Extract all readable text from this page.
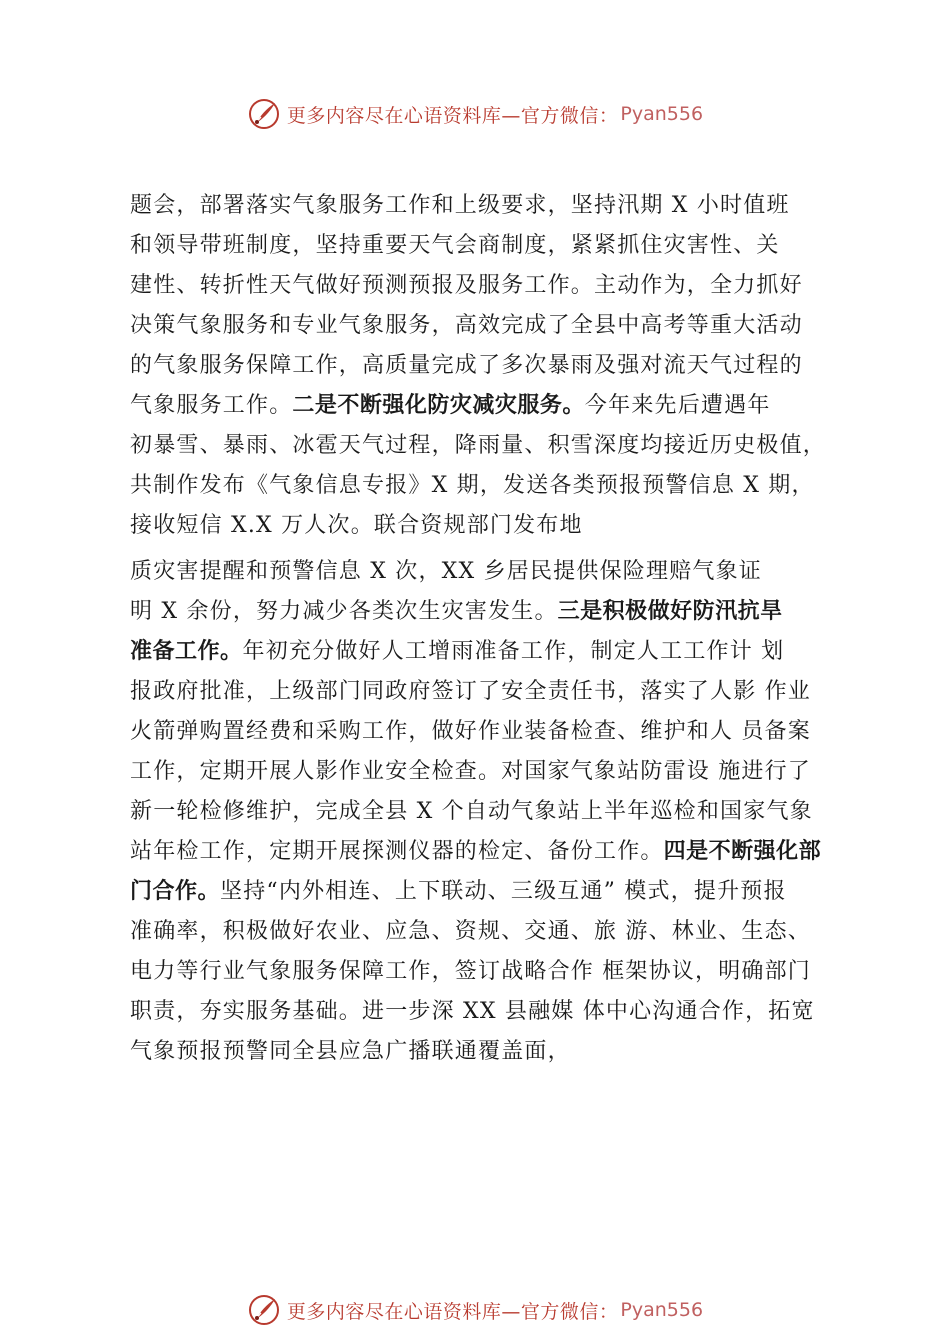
更多内容尽在心语资料库—官方微信： Pyan556
题会，部署落实气象服务工作和上级要求，坚持汛期 X 小时值班
和领导带班制度，坚持重要天气会商制度，紧紧抓住灾害性、关
建性、转折性天气做好预测预报及服务工作。主动作为，全力抓好
决策气象服务和专业气象服务，高效完成了全县中高考等重大活动
的气象服务保障工作，高质量完成了多次暴雨及强对流天气过程的
气象服务工作。二是不断强化防灾减灾服务。今年来先后遭遇年
初暴雪、暴雨、冰雹天气过程，降雨量、积雪深度均接近历史极值，
共制作发布《气象信息专报》X 期，发送各类预报预警信息 X 期，
接收短信 X.X 万人次。联合资规部门发布地
质灾害提醒和预警信息 X 次，XX 乡居民提供保险理赔气象证
明 X 余份，努力减少各类次生灾害发生。三是积极做好防汛抗旱
准备工作。年初充分做好人工增雨准备工作，制定人工工作计 划
报政府批准，上级部门同政府签订了安全责任书，落实了人影 作业
火箭弹购置经费和采购工作，做好作业装备检查、维护和人 员备案
工作，定期开展人影作业安全检查。对国家气象站防雷设 施进行了
新一轮检修维护，完成全县 X 个自动气象站上半年巡检和国家气象
站年检工作，定期开展探测仪器的检定、备份工作。四是不断强化部
门合作。坚持“内外相连、上下联动、三级互通” 模式，提升预报
准确率，积极做好农业、应急、资规、交通、旅 游、林业、生态、
电力等行业气象服务保障工作，签订战略合作 框架协议，明确部门
职责，夯实服务基础。进一步深 XX 县融媒 体中心沟通合作，拓宽
气象预报预警同全县应急广播联通覆盖面，
更多内容尽在心语资料库—官方微信： Pyan556
